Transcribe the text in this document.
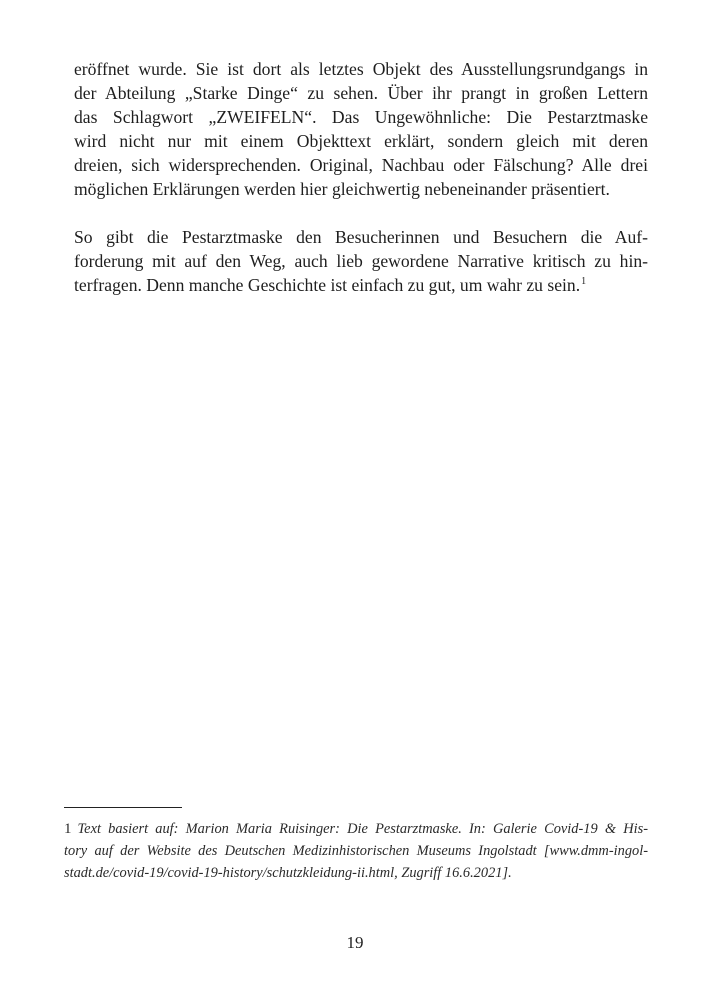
eröffnet wurde. Sie ist dort als letztes Objekt des Ausstellungsrundgangs in
der Abteilung „Starke Dinge“ zu sehen. Über ihr prangt in großen Lettern
das Schlagwort „ZWEIFELN“. Das Ungewöhnliche: Die Pestarztmaske
wird nicht nur mit einem Objekttext erklärt, sondern gleich mit deren
dreien, sich widersprechenden. Original, Nachbau oder Fälschung? Alle drei
möglichen Erklärungen werden hier gleichwertig nebeneinander präsentiert.
So gibt die Pestarztmaske den Besucherinnen und Besuchern die Auf-
forderung mit auf den Weg, auch lieb gewordene Narrative kritisch zu hin-
terfragen. Denn manche Geschichte ist einfach zu gut, um wahr zu sein.$^1$
1 Text basiert auf: Marion Maria Ruisinger: Die Pestarztmaske. In: Galerie Covid-19 & His-
tory auf der Website des Deutschen Medizinhistorischen Museums Ingolstadt [www.dmm-ingol-
stadt.de/covid-19/covid-19-history/schutzkleidung-ii.html, Zugriff 16.6.2021].
19
